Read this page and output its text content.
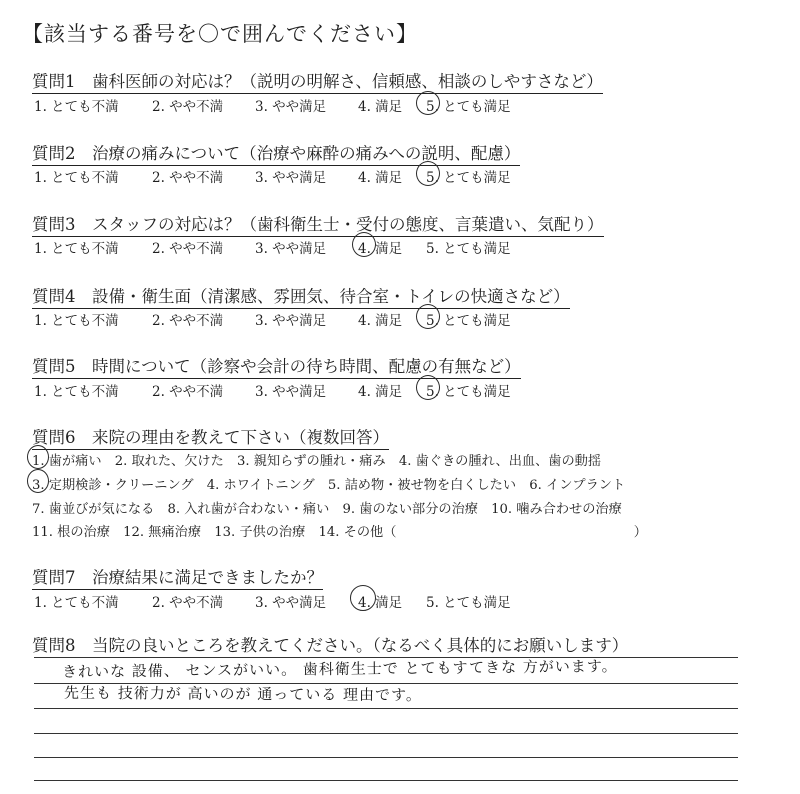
【該当する番号を〇で囲んでください】
質問1　歯科医師の対応は？（説明の明解さ、信頼感、相談のしやすさなど）
1. とても不満 2. やや不満 3. やや満足 4. 満足 5. とても満足
質問2　治療の痛みについて（治療や麻酔の痛みへの説明、配慮）
1. とても不満 2. やや不満 3. やや満足 4. 満足 5. とても満足
質問3　スタッフの対応は？（歯科衛生士・受付の態度、言葉遣い、気配り）
1. とても不満 2. やや不満 3. やや満足 4. 満足 5. とても満足
質問4　設備・衛生面（清潔感、雰囲気、待合室・トイレの快適さなど）
1. とても不満 2. やや不満 3. やや満足 4. 満足 5. とても満足
質問5　時間について（診察や会計の待ち時間、配慮の有無など）
1. とても不満 2. やや不満 3. やや満足 4. 満足 5. とても満足
質問6　来院の理由を教えて下さい（複数回答）
1. 歯が痛い　2. 取れた、欠けた　3. 親知らずの腫れ・痛み　4. 歯ぐきの腫れ、出血、歯の動揺
3. 定期検診・クリーニング　4. ホワイトニング　5. 詰め物・被せ物を白くしたい　6. インプラント
7. 歯並びが気になる　8. 入れ歯が合わない・痛い　9. 歯のない部分の治療　10. 噛み合わせの治療
11. 根の治療　12. 無痛治療　13. 子供の治療　14. その他（　　　　　　　　　　　　　　　　　　）
質問7　治療結果に満足できましたか？
1. とても不満 2. やや不満 3. やや満足 4. 満足 5. とても満足
質問8　当院の良いところを教えてください。（なるべく具体的にお願いします）
きれいな 設備、 センスがいい。 歯科衛生士で とてもすてきな 方がいます。
先生も 技術力が 高いのが 通っている 理由です。
